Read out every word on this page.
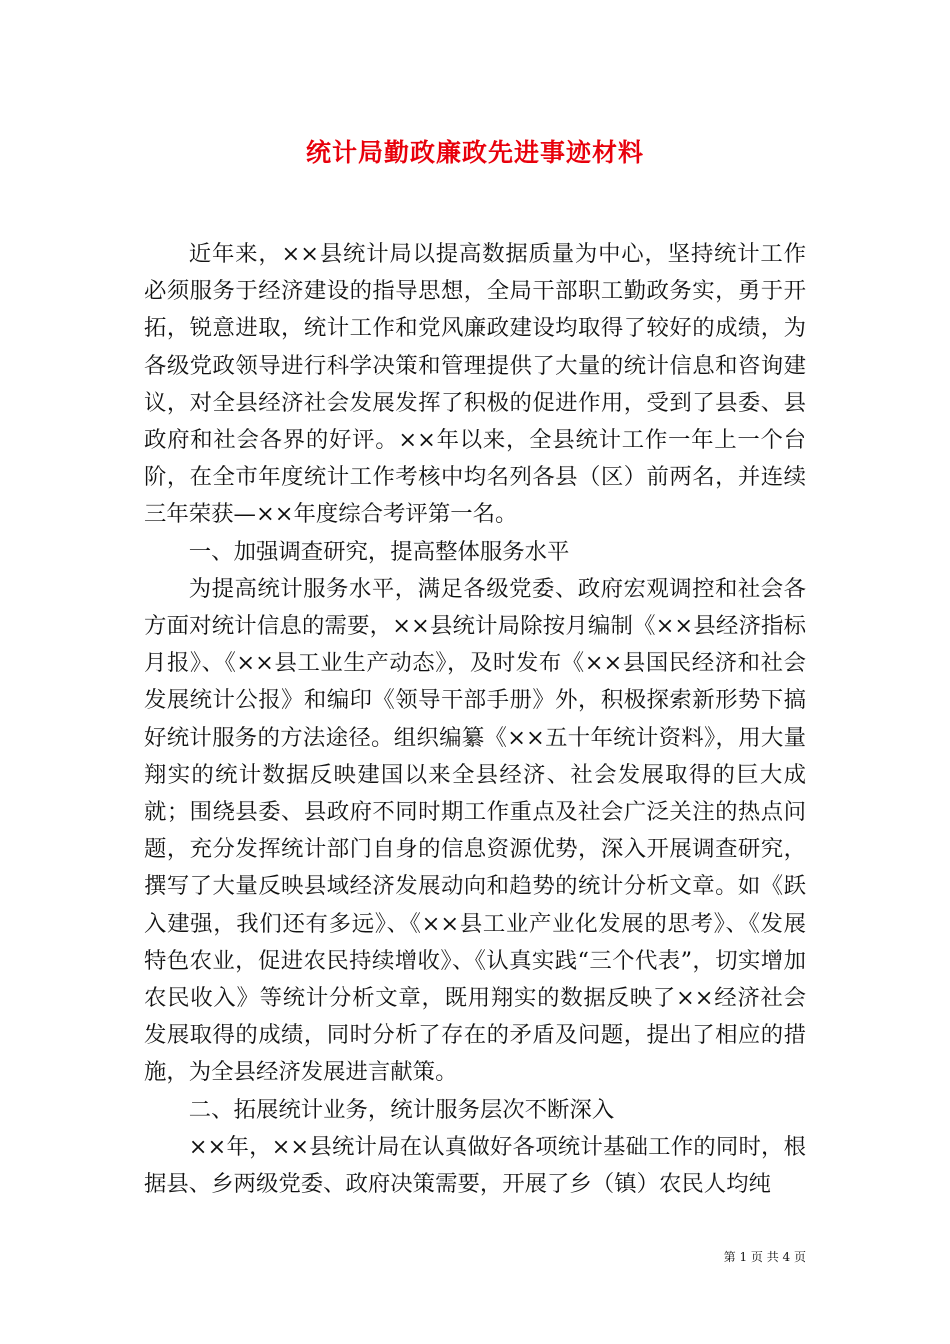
统计局勤政廉政先进事迹材料

近年来，××县统计局以提高数据质量为中心，坚持统计工作必须服务于经济建设的指导思想，全局干部职工勤政务实，勇于开拓，锐意进取，统计工作和党风廉政建设均取得了较好的成绩，为各级党政领导进行科学决策和管理提供了大量的统计信息和咨询建议，对全县经济社会发展发挥了积极的促进作用，受到了县委、县政府和社会各界的好评。××年以来，全县统计工作一年上一个台阶，在全市年度统计工作考核中均名列各县（区）前两名，并连续三年荣获—××年度综合考评第一名。

一、加强调查研究，提高整体服务水平

为提高统计服务水平，满足各级党委、政府宏观调控和社会各方面对统计信息的需要，××县统计局除按月编制《××县经济指标月报》、《××县工业生产动态》，及时发布《××县国民经济和社会发展统计公报》和编印《领导干部手册》外，积极探索新形势下搞好统计服务的方法途径。组织编纂《××五十年统计资料》，用大量翔实的统计数据反映建国以来全县经济、社会发展取得的巨大成就；围绕县委、县政府不同时期工作重点及社会广泛关注的热点问题，充分发挥统计部门自身的信息资源优势，深入开展调查研究，撰写了大量反映县域经济发展动向和趋势的统计分析文章。如《跃入建强，我们还有多远》、《××县工业产业化发展的思考》、《发展特色农业，促进农民持续增收》、《认真实践“三个代表”，切实增加农民收入》等统计分析文章，既用翔实的数据反映了××经济社会发展取得的成绩，同时分析了存在的矛盾及问题，提出了相应的措施，为全县经济发展进言献策。

二、拓展统计业务，统计服务层次不断深入

××年，××县统计局在认真做好各项统计基础工作的同时，根据县、乡两级党委、政府决策需要，开展了乡（镇）农民人均纯

第 1 页 共 4 页
